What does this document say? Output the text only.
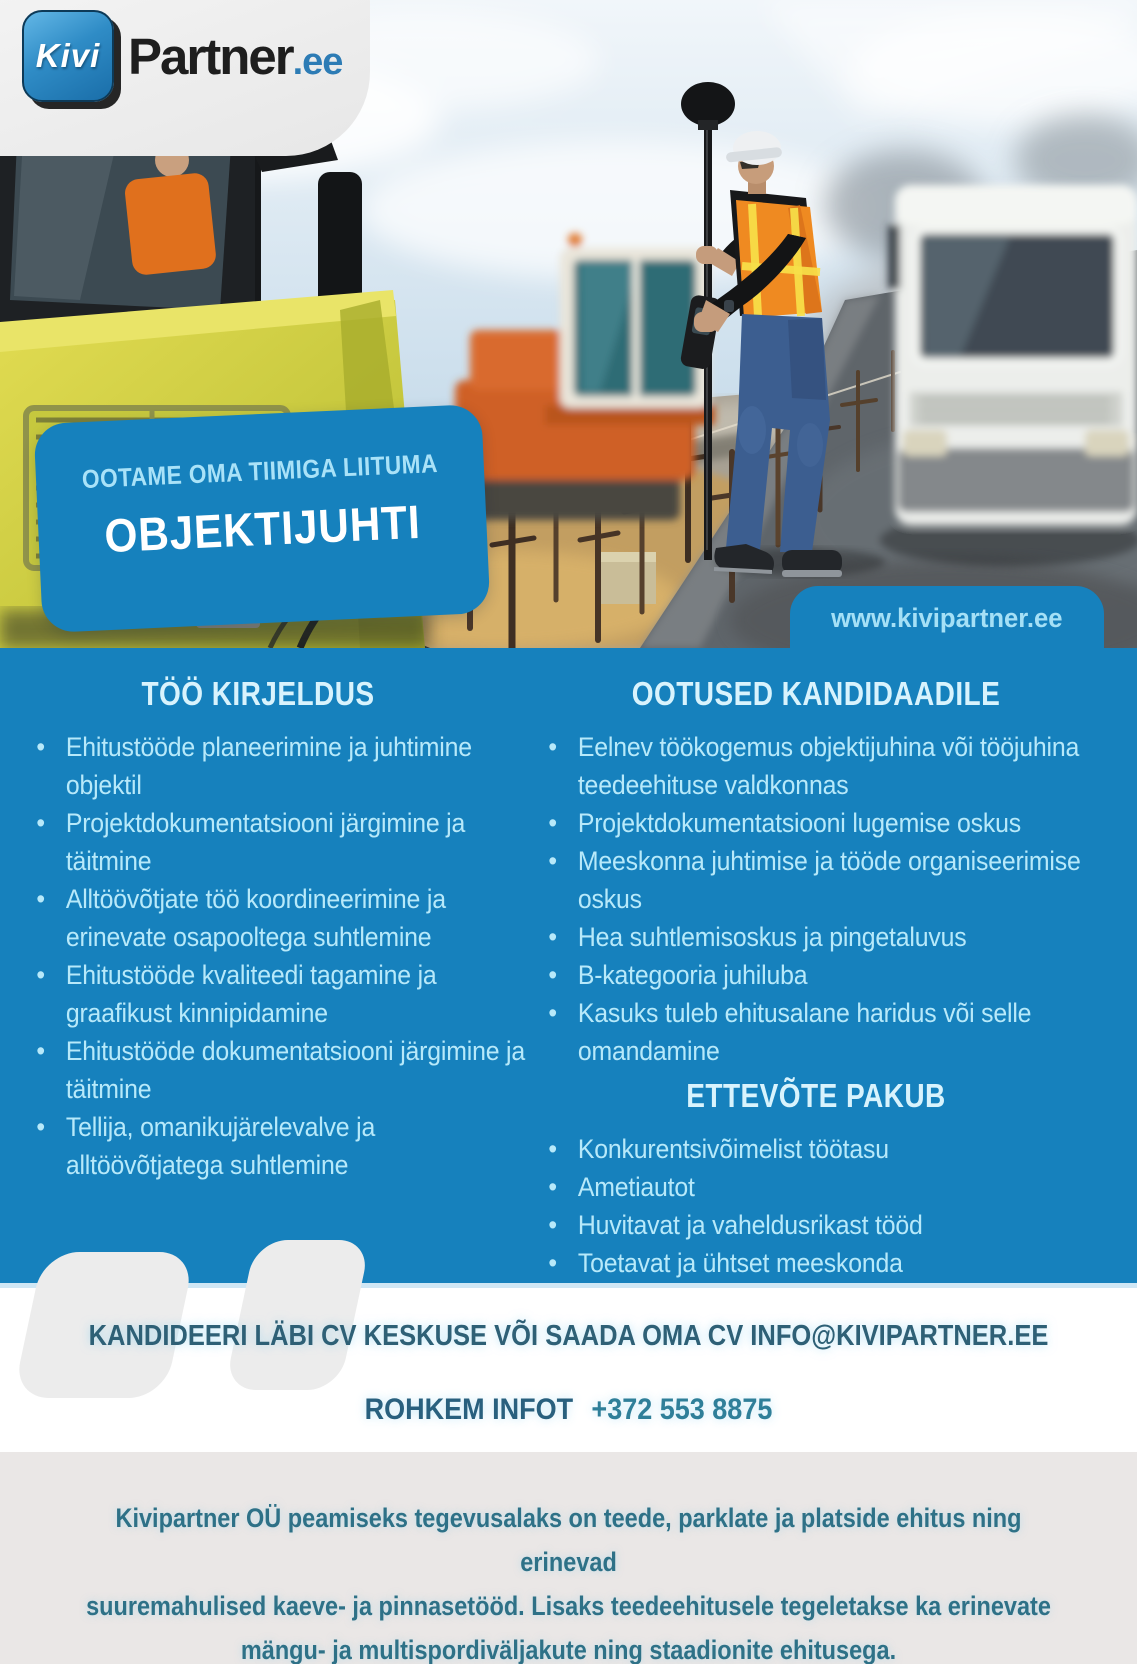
Kivi Partner .ee
OOTAME OMA TIIMIGA LIITUMA
OBJEKTIJUHTI
www.kivipartner.ee
TÖÖ KIRJELDUS
• Ehitustööde planeerimine ja juhtimine objektil
• Projektdokumentatsiooni järgimine ja täitmine
• Alltöövõtjate töö koordineerimine ja erinevate osapooltega suhtlemine
• Ehitustööde kvaliteedi tagamine ja graafikust kinnipidamine
• Ehitustööde dokumentatsiooni järgimine ja täitmine
• Tellija, omanikujärelevalve ja alltöövõtjatega suhtlemine
OOTUSED KANDIDAADILE
• Eelnev töökogemus objektijuhina või tööjuhina teedeehituse valdkonnas
• Projektdokumentatsiooni lugemise oskus
• Meeskonna juhtimise ja tööde organiseerimise oskus
• Hea suhtlemisoskus ja pingetaluvus
• B-kategooria juhiluba
• Kasuks tuleb ehitusalane haridus või selle omandamine
ETTEVÕTE PAKUB
• Konkurentsivõimelist töötasu
• Ametiautot
• Huvitavat ja vaheldusrikast tööd
• Toetavat ja ühtset meeskonda
KANDIDEERI LÄBI CV KESKUSE VÕI SAADA OMA CV INFO@KIVIPARTNER.EE
ROHKEM INFOT +372 553 8875
Kivipartner OÜ peamiseks tegevusalaks on teede, parklate ja platside ehitus ning erinevad
suuremahulised kaeve- ja pinnasetööd. Lisaks teedeehitusele tegeletakse ka erinevate
mängu- ja multispordiväljakute ning staadionite ehitusega.
